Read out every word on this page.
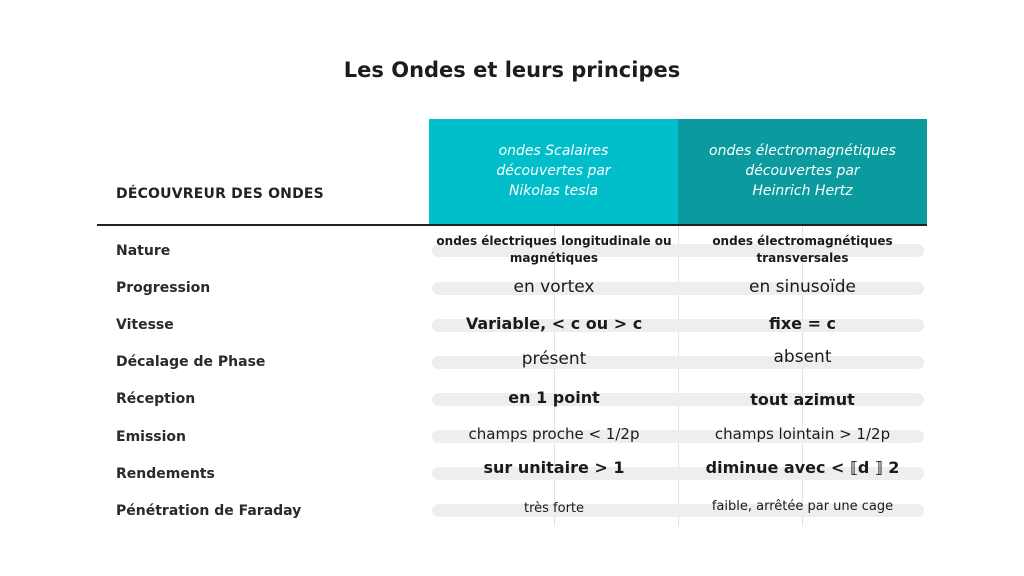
Les Ondes et leurs principes
ondes Scalaires
découvertes par
Nikolas tesla
ondes électromagnétiques
découvertes par
Heinrich Hertz
DÉCOUVREUR DES ONDES
Nature
Progression
Vitesse
Décalage de Phase
Réception
Emission
Rendements
Pénétration de Faraday
ondes électriques longitudinale ou magnétiques
en vortex
Variable, < c ou > c
présent
en 1 point
champs proche < 1/2p
sur unitaire > 1
très forte
ondes électromagnétiques transversales
en sinusoïde
fixe = c
absent
tout azimut
champs lointain > 1/2p
diminue avec < ⟦d ⟧ 2
faible, arrêtée par une cage
